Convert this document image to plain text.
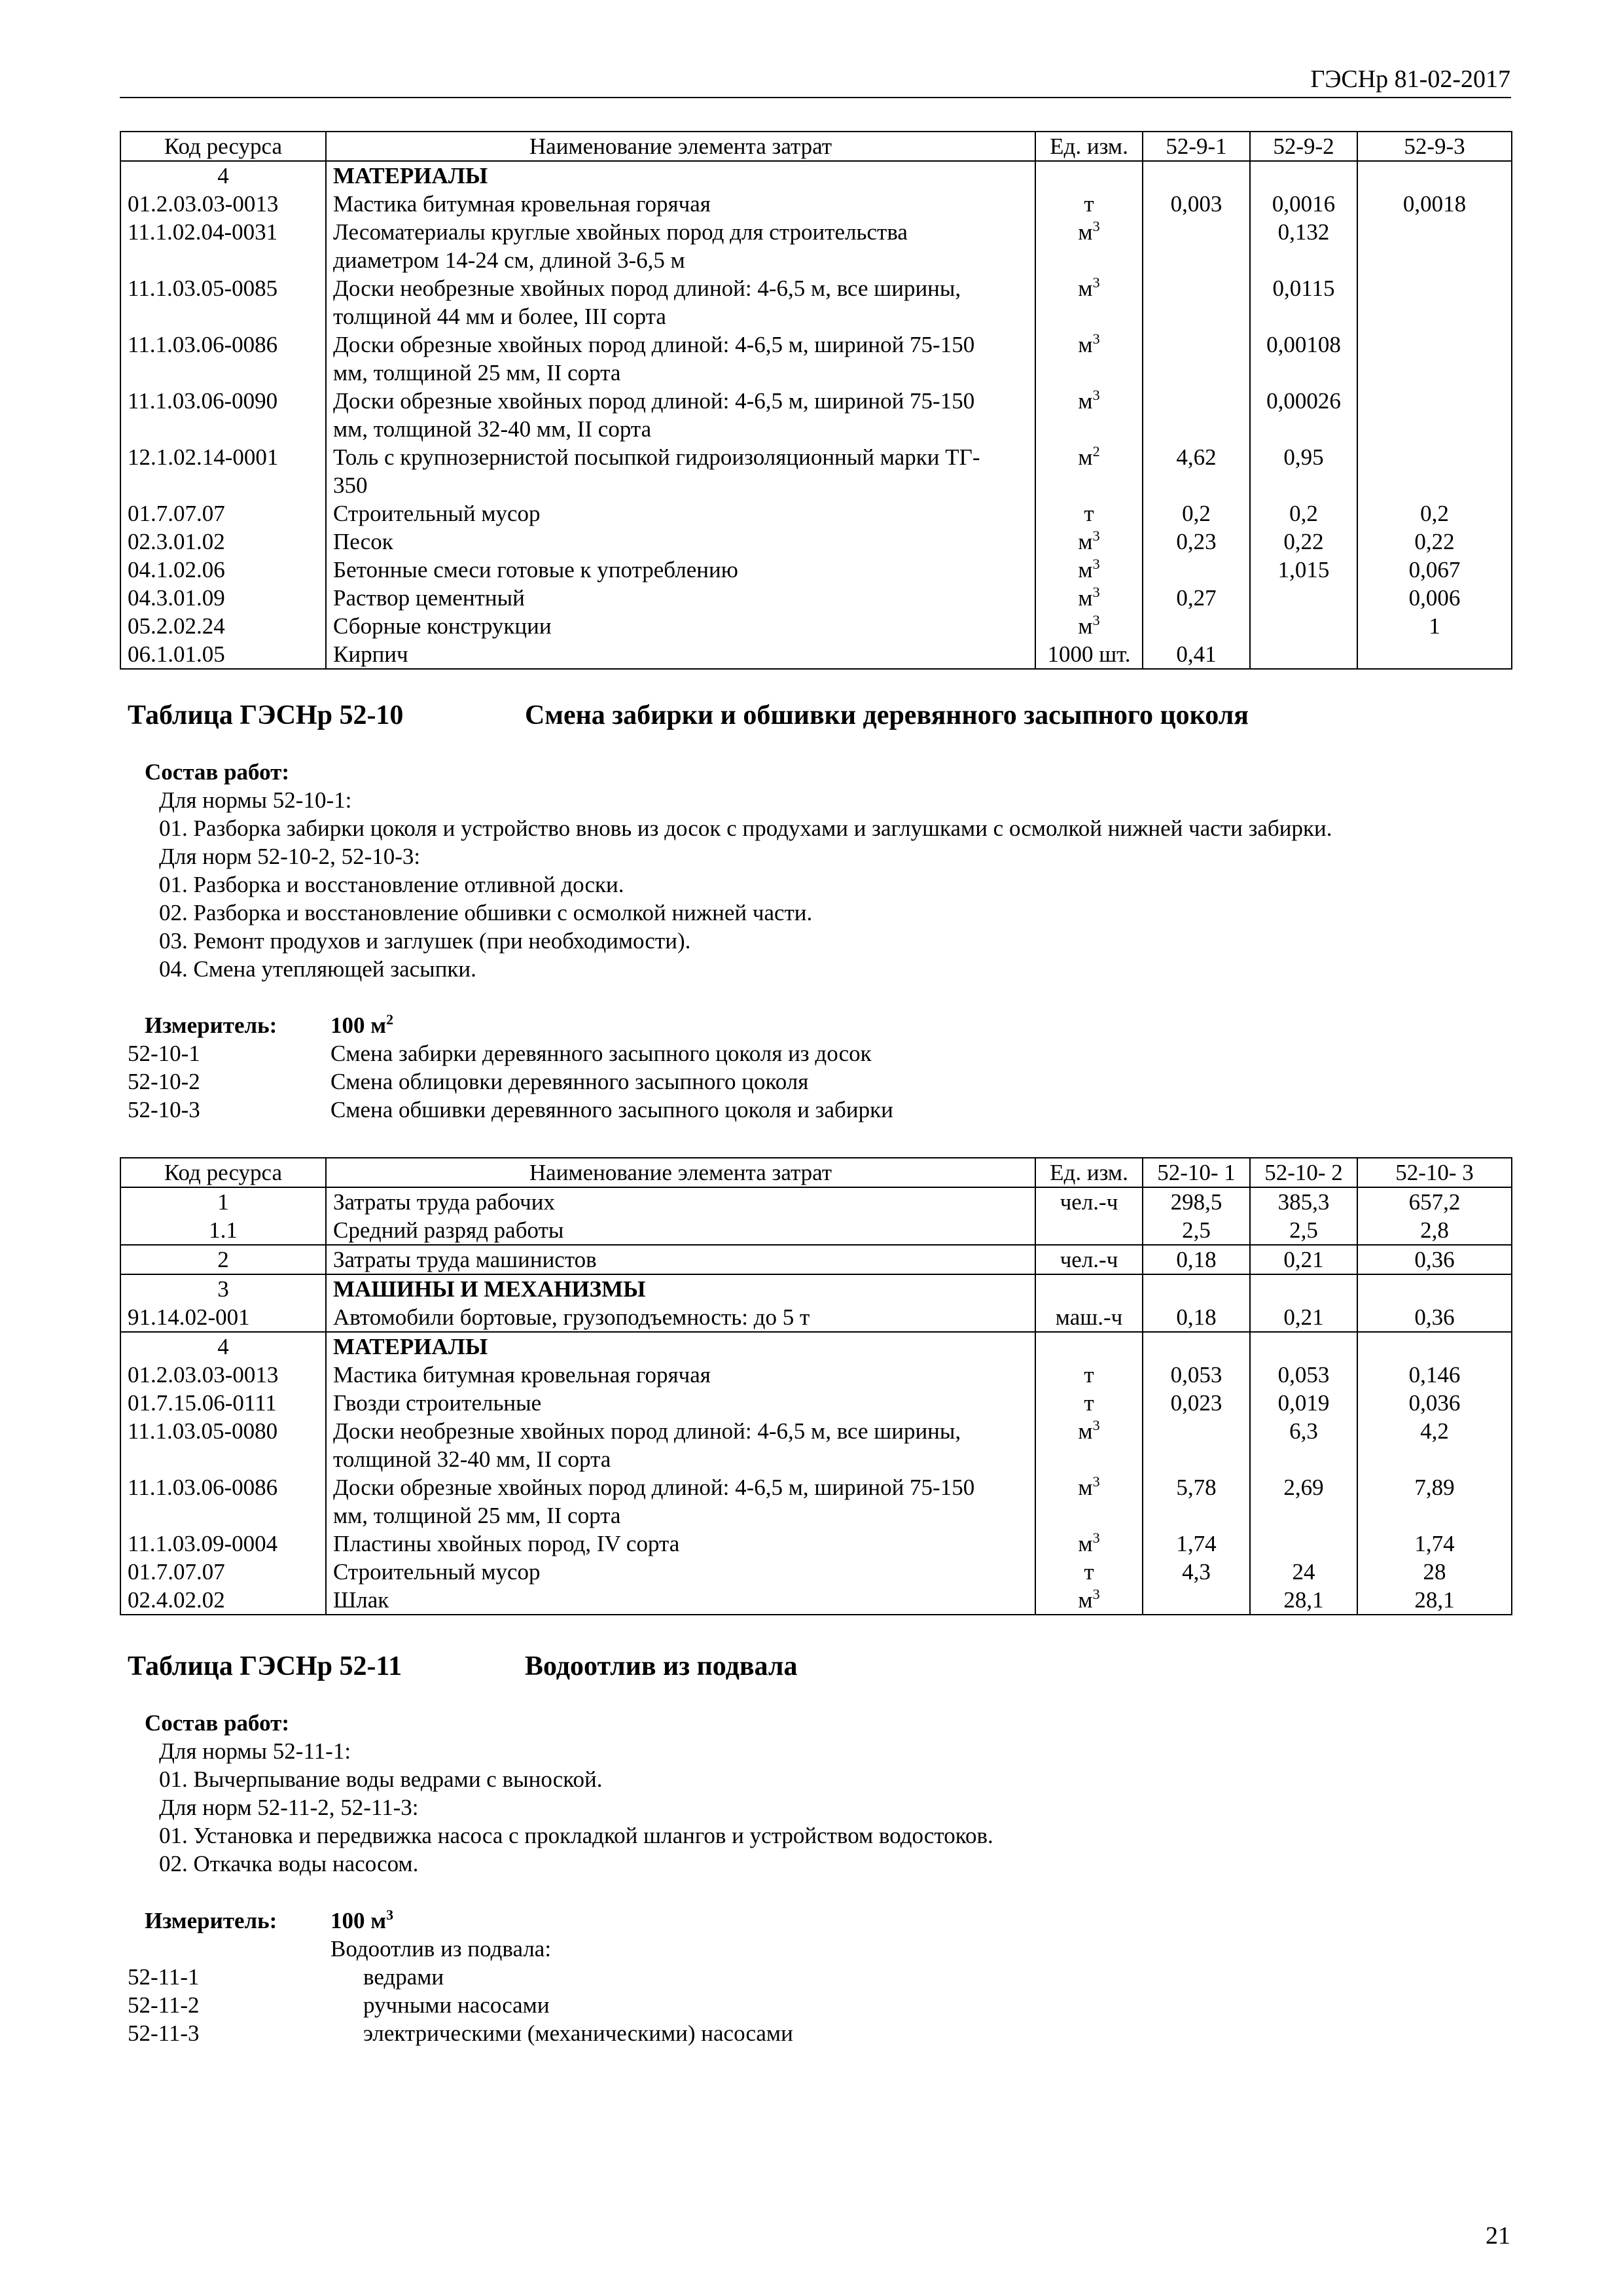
ГЭСНр 81-02-2017
Код ресурса	Наименование элемента затрат	Ед. изм.	52-9-1	52-9-2	52-9-3
4	МАТЕРИАЛЫ				

01.2.03.03-0013	Мастика битумная кровельная горячая	т	0,003	0,0016	0,0018
11.1.02.04-0031	Лесоматериалы круглые хвойных пород для строительства
диаметром 14-24 см, длиной 3-6,5 м	$м^3$		0,132	
11.1.03.05-0085	Доски необрезные хвойных пород длиной: 4-6,5 м, все ширины,
толщиной 44 мм и более, III сорта	$м^3$		0,0115	
11.1.03.06-0086	Доски обрезные хвойных пород длиной: 4-6,5 м, шириной 75-150
мм, толщиной 25 мм, II сорта	$м^3$		0,00108	
11.1.03.06-0090	Доски обрезные хвойных пород длиной: 4-6,5 м, шириной 75-150
мм, толщиной 32-40 мм, II сорта	$м^3$		0,00026	
12.1.02.14-0001	Толь с крупнозернистой посыпкой гидроизоляционный марки ТГ-
350	$м^2$	4,62	0,95	
01.7.07.07	Строительный мусор	т	0,2	0,2	0,2
02.3.01.02	Песок	$м^3$	0,23	0,22	0,22
04.1.02.06	Бетонные смеси готовые к употреблению	$м^3$		1,015	0,067
04.3.01.09	Раствор цементный	$м^3$	0,27		0,006
05.2.02.24	Сборные конструкции	$м^3$			1
06.1.01.05	Кирпич	1000 шт.	0,41		
Таблица ГЭСНр 52-10	Смена забирки и обшивки деревянного засыпного цоколя
Состав работ:
Для нормы 52-10-1:
01. Разборка забирки цоколя и устройство вновь из досок с продухами и заглушками с осмолкой нижней части забирки.
Для норм 52-10-2, 52-10-3:
01. Разборка и восстановление отливной доски.
02. Разборка и восстановление обшивки с осмолкой нижней части.
03. Ремонт продухов и заглушек (при необходимости).
04. Смена утепляющей засыпки.
Измеритель: 100 $м^2$
52-10-1	Смена забирки деревянного засыпного цоколя из досок
52-10-2	Смена облицовки деревянного засыпного цоколя
52-10-3	Смена обшивки деревянного засыпного цоколя и забирки
Код ресурса	Наименование элемента затрат	Ед. изм.	52-10- 1	52-10- 2	52-10- 3
1	Затраты труда рабочих	чел.-ч	298,5	385,3	657,2
1.1	Средний разряд работы		2,5	2,5	2,8
2	Затраты труда машинистов	чел.-ч	0,18	0,21	0,36
3	МАШИНЫ И МЕХАНИЗМЫ				

91.14.02-001	Автомобили бортовые, грузоподъемность: до 5 т	маш.-ч	0,18	0,21	0,36
4	МАТЕРИАЛЫ				

01.2.03.03-0013	Мастика битумная кровельная горячая	т	0,053	0,053	0,146
01.7.15.06-0111	Гвозди строительные	т	0,023	0,019	0,036
11.1.03.05-0080	Доски необрезные хвойных пород длиной: 4-6,5 м, все ширины,
толщиной 32-40 мм, II сорта	$м^3$		6,3	4,2
11.1.03.06-0086	Доски обрезные хвойных пород длиной: 4-6,5 м, шириной 75-150
мм, толщиной 25 мм, II сорта	$м^3$	5,78	2,69	7,89
11.1.03.09-0004	Пластины хвойных пород, IV сорта	$м^3$	1,74		1,74
01.7.07.07	Строительный мусор	т	4,3	24	28
02.4.02.02	Шлак	$м^3$		28,1	28,1
Таблица ГЭСНр 52-11	Водоотлив из подвала
Состав работ:
Для нормы 52-11-1:
01. Вычерпывание воды ведрами с выноской.
Для норм 52-11-2, 52-11-3:
01. Установка и передвижка насоса с прокладкой шлангов и устройством водостоков.
02. Откачка воды насосом.
Измеритель: 100 $м^3$
Водоотлив из подвала:
52-11-1	ведрами
52-11-2	ручными насосами
52-11-3	электрическими (механическими) насосами
21
